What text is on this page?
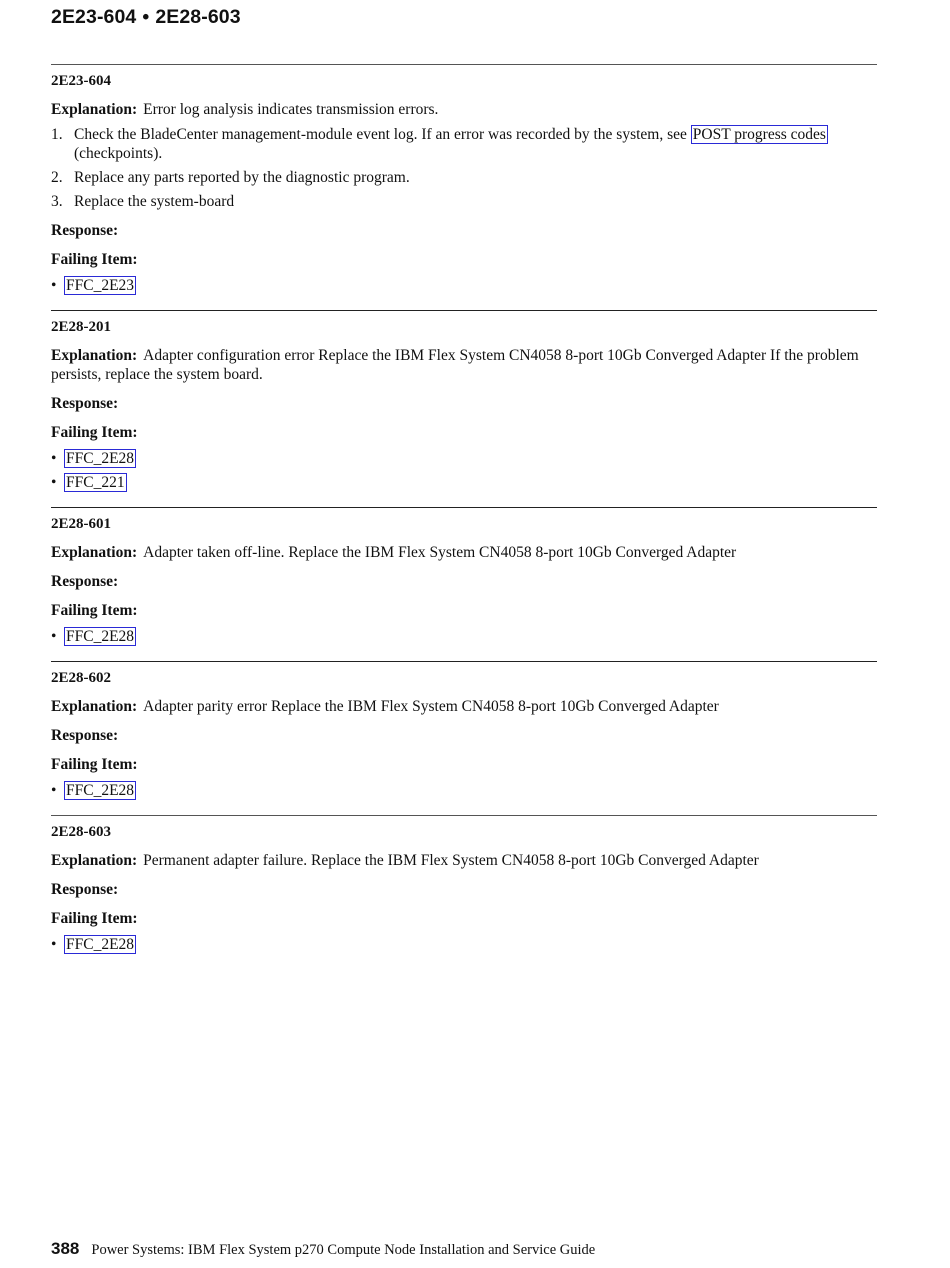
2E23-604 • 2E28-603
2E23-604

Explanation: Error log analysis indicates transmission errors.

1. Check the BladeCenter management-module event log. If an error was recorded by the system, see POST progress codes (checkpoints).
2. Replace any parts reported by the diagnostic program.
3. Replace the system-board

Response:

Failing Item:

• FFC_2E23
2E28-201

Explanation: Adapter configuration error Replace the IBM Flex System CN4058 8-port 10Gb Converged Adapter If the problem persists, replace the system board.

Response:

Failing Item:

• FFC_2E28
• FFC_221
2E28-601

Explanation: Adapter taken off-line. Replace the IBM Flex System CN4058 8-port 10Gb Converged Adapter

Response:

Failing Item:

• FFC_2E28
2E28-602

Explanation: Adapter parity error Replace the IBM Flex System CN4058 8-port 10Gb Converged Adapter

Response:

Failing Item:

• FFC_2E28
2E28-603

Explanation: Permanent adapter failure. Replace the IBM Flex System CN4058 8-port 10Gb Converged Adapter

Response:

Failing Item:

• FFC_2E28
388 Power Systems: IBM Flex System p270 Compute Node Installation and Service Guide
